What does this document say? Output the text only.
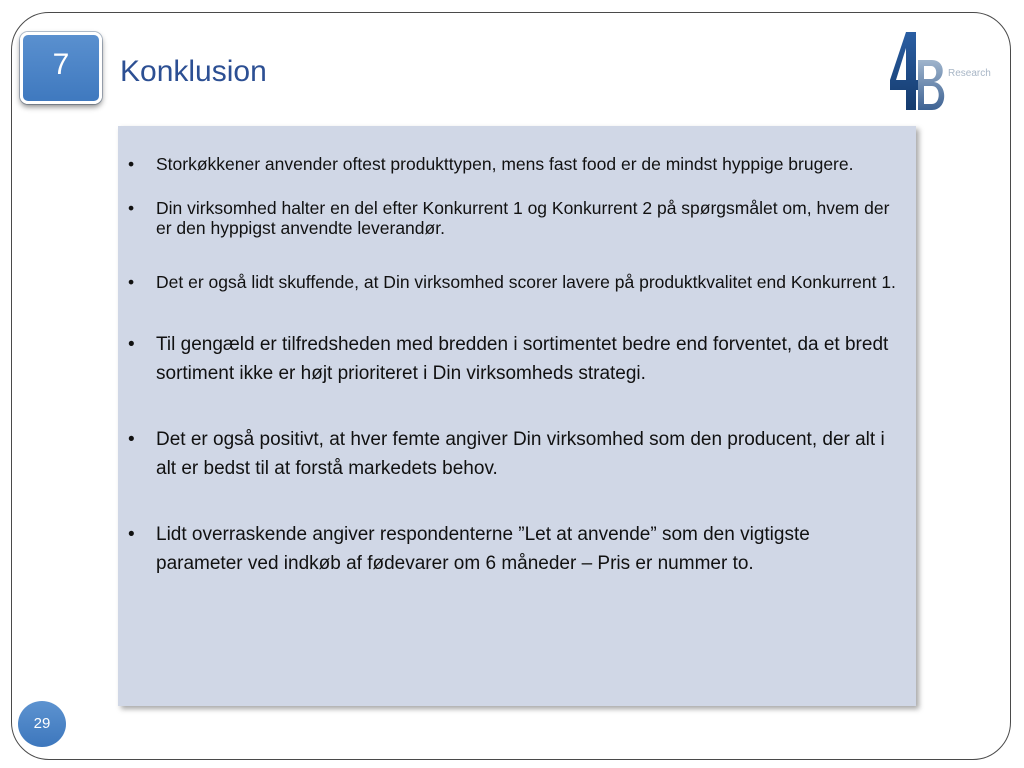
7	Konklusion	Research
• Storkøkkener anvender oftest produkttypen, mens fast food er de mindst hyppige brugere.
• Din virksomhed halter en del efter Konkurrent 1 og Konkurrent 2 på spørgsmålet om, hvem der er den hyppigst anvendte leverandør.
• Det er også lidt skuffende, at Din virksomhed scorer lavere på produktkvalitet end Konkurrent 1.
• Til gengæld er tilfredsheden med bredden i sortimentet bedre end forventet, da et bredt sortiment ikke er højt prioriteret i Din virksomheds strategi.
• Det er også positivt, at hver femte angiver Din virksomhed som den producent, der alt i alt er bedst til at forstå markedets behov.
• Lidt overraskende angiver respondenterne ”Let at anvende” som den vigtigste parameter ved indkøb af fødevarer om 6 måneder – Pris er nummer to.
29
